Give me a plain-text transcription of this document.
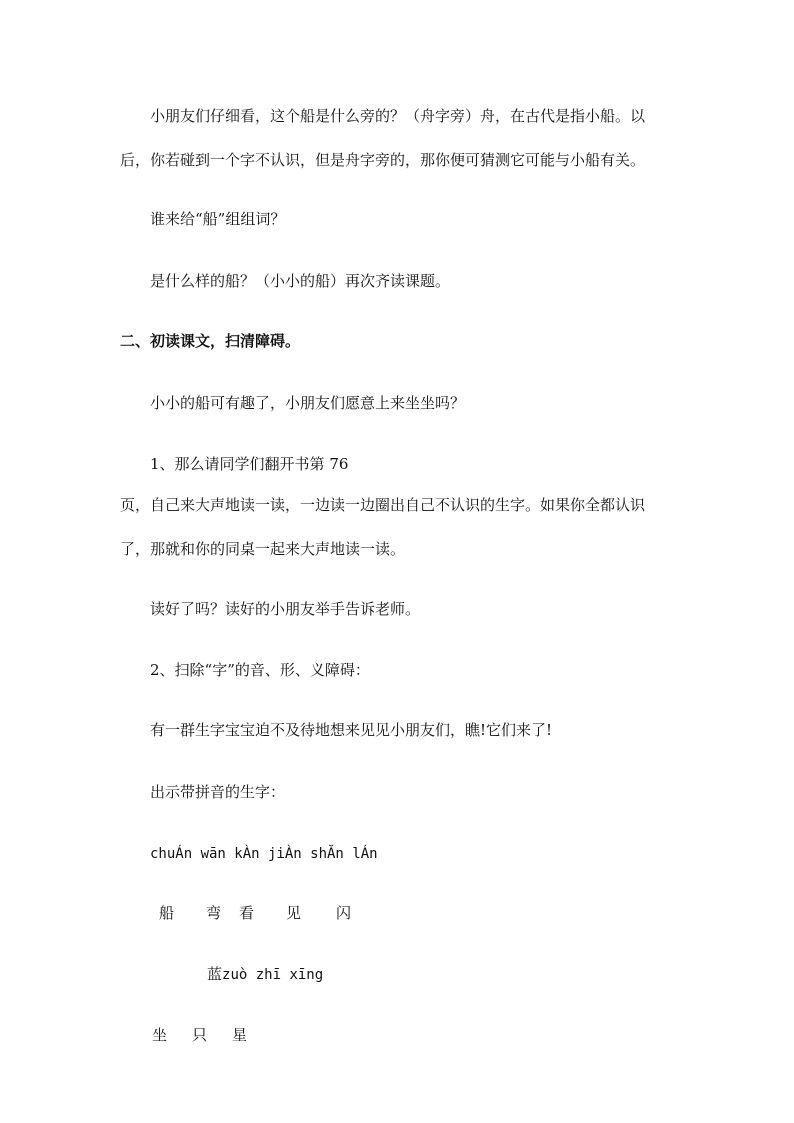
小朋友们仔细看，这个船是什么旁的？（舟字旁）舟，在古代是指小船。以
后，你若碰到一个字不认识，但是舟字旁的，那你便可猜测它可能与小船有关。
谁来给“船”组组词？
是什么样的船？（小小的船）再次齐读课题。
二、初读课文，扫清障碍。
小小的船可有趣了，小朋友们愿意上来坐坐吗？
1、那么请同学们翻开书第 76
页，自己来大声地读一读，一边读一边圈出自己不认识的生字。如果你全都认识
了，那就和你的同桌一起来大声地读一读。
读好了吗？读好的小朋友举手告诉老师。
2、扫除“字”的音、形、义障碍：
有一群生字宝宝迫不及待地想来见见小朋友们，瞧!它们来了!
出示带拼音的生字：
chuÁn wān kÀn jiÀn shĂn lÁn
船 弯 看 见 闪
蓝zuò zhī xīng
坐 只 星
